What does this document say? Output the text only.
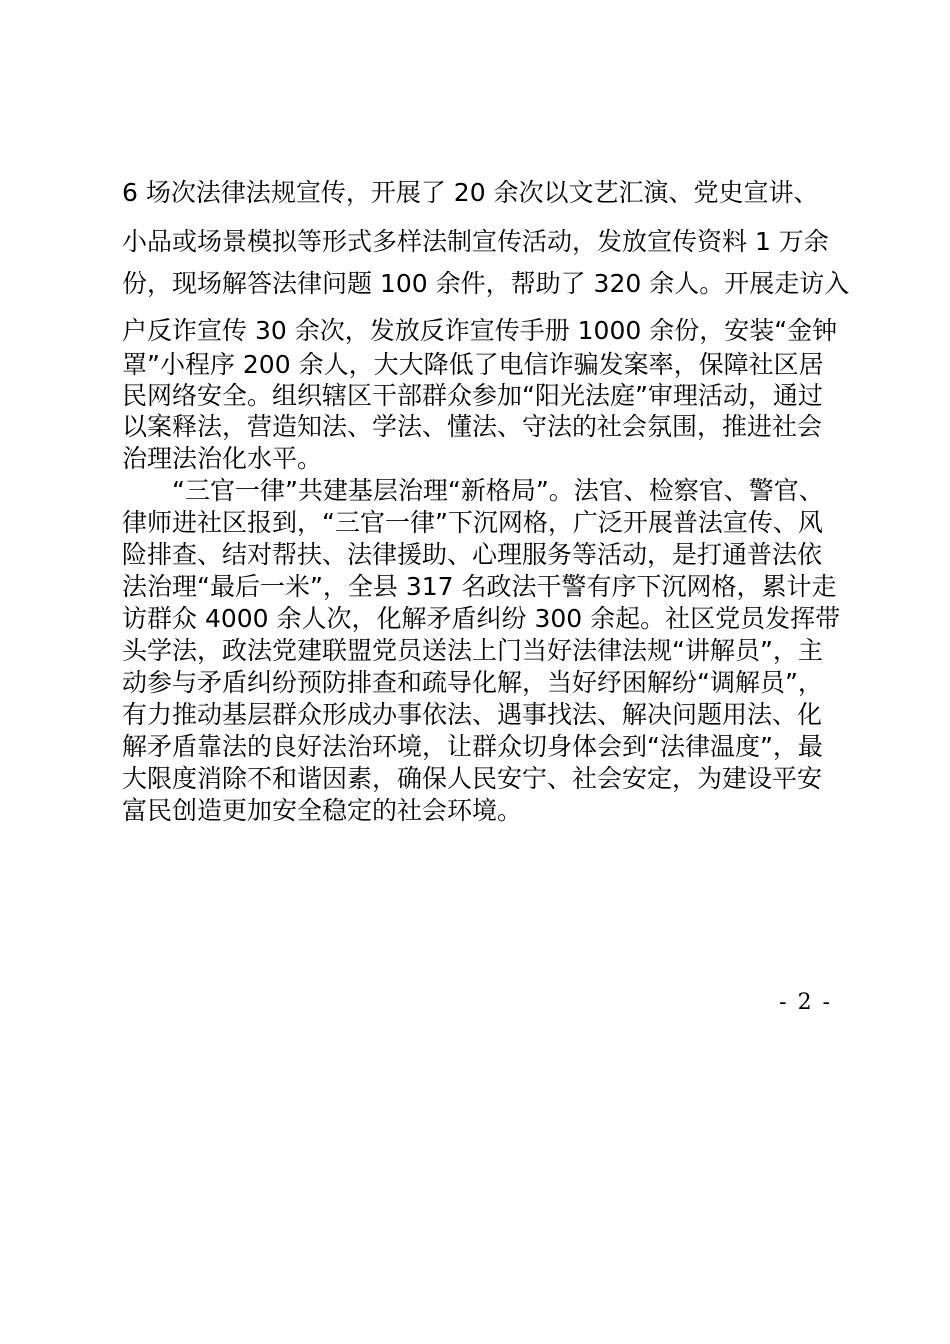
6 场次法律法规宣传，开展了 20 余次以文艺汇演、党史宣讲、
小品或场景模拟等形式多样法制宣传活动，发放宣传资料 1 万余
份，现场解答法律问题 100 余件，帮助了 320 余人。开展走访入
户反诈宣传 30 余次，发放反诈宣传手册 1000 余份，安装“金钟
罩”小程序 200 余人，大大降低了电信诈骗发案率，保障社区居
民网络安全。组织辖区干部群众参加“阳光法庭”审理活动，通过
以案释法，营造知法、学法、懂法、守法的社会氛围，推进社会
治理法治化水平。
“三官一律”共建基层治理“新格局”。法官、检察官、警官、
律师进社区报到，“三官一律”下沉网格，广泛开展普法宣传、风
险排查、结对帮扶、法律援助、心理服务等活动，是打通普法依
法治理“最后一米”，全县 317 名政法干警有序下沉网格，累计走
访群众 4000 余人次，化解矛盾纠纷 300 余起。社区党员发挥带
头学法，政法党建联盟党员送法上门当好法律法规“讲解员”，主
动参与矛盾纠纷预防排查和疏导化解，当好纾困解纷“调解员”，
有力推动基层群众形成办事依法、遇事找法、解决问题用法、化
解矛盾靠法的良好法治环境，让群众切身体会到“法律温度”，最
大限度消除不和谐因素，确保人民安宁、社会安定，为建设平安
富民创造更加安全稳定的社会环境。
- 2 -
